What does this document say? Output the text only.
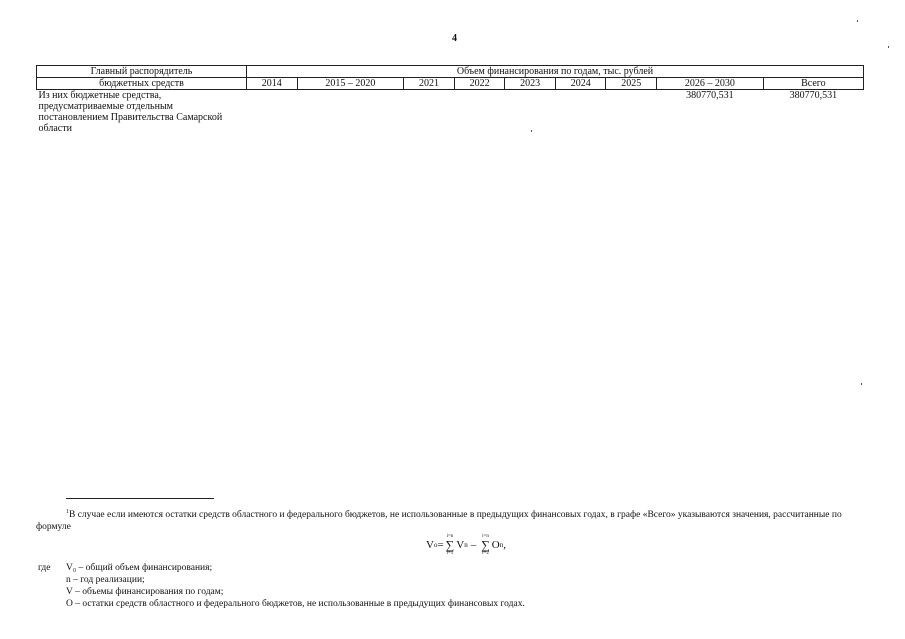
4
Главный распорядитель	Объем финансирования по годам, тыс. рублей								
бюджетных средств	2014	2015 – 2020	2021	2022	2023	2024	2025	2026 – 2030	Всего
Из них бюджетные средства, предусматриваемые отдельным постановлением Правительства Самарской области								380770,531	380770,531
$^1$В случае если имеются остатки средств областного и федерального бюджетов, не использованные в предыдущих финансовых годах, в графе «Всего» указываются значения, рассчитанные по формуле
V o =
i=n
∑
i=1
V n –
i=n
∑
i=2
O n ,
где	V₀ – общий объем финансирования;
n – год реализации;
V – объемы финансирования по годам;
O – остатки средств областного и федерального бюджетов, не использованные в предыдущих финансовых годах.
